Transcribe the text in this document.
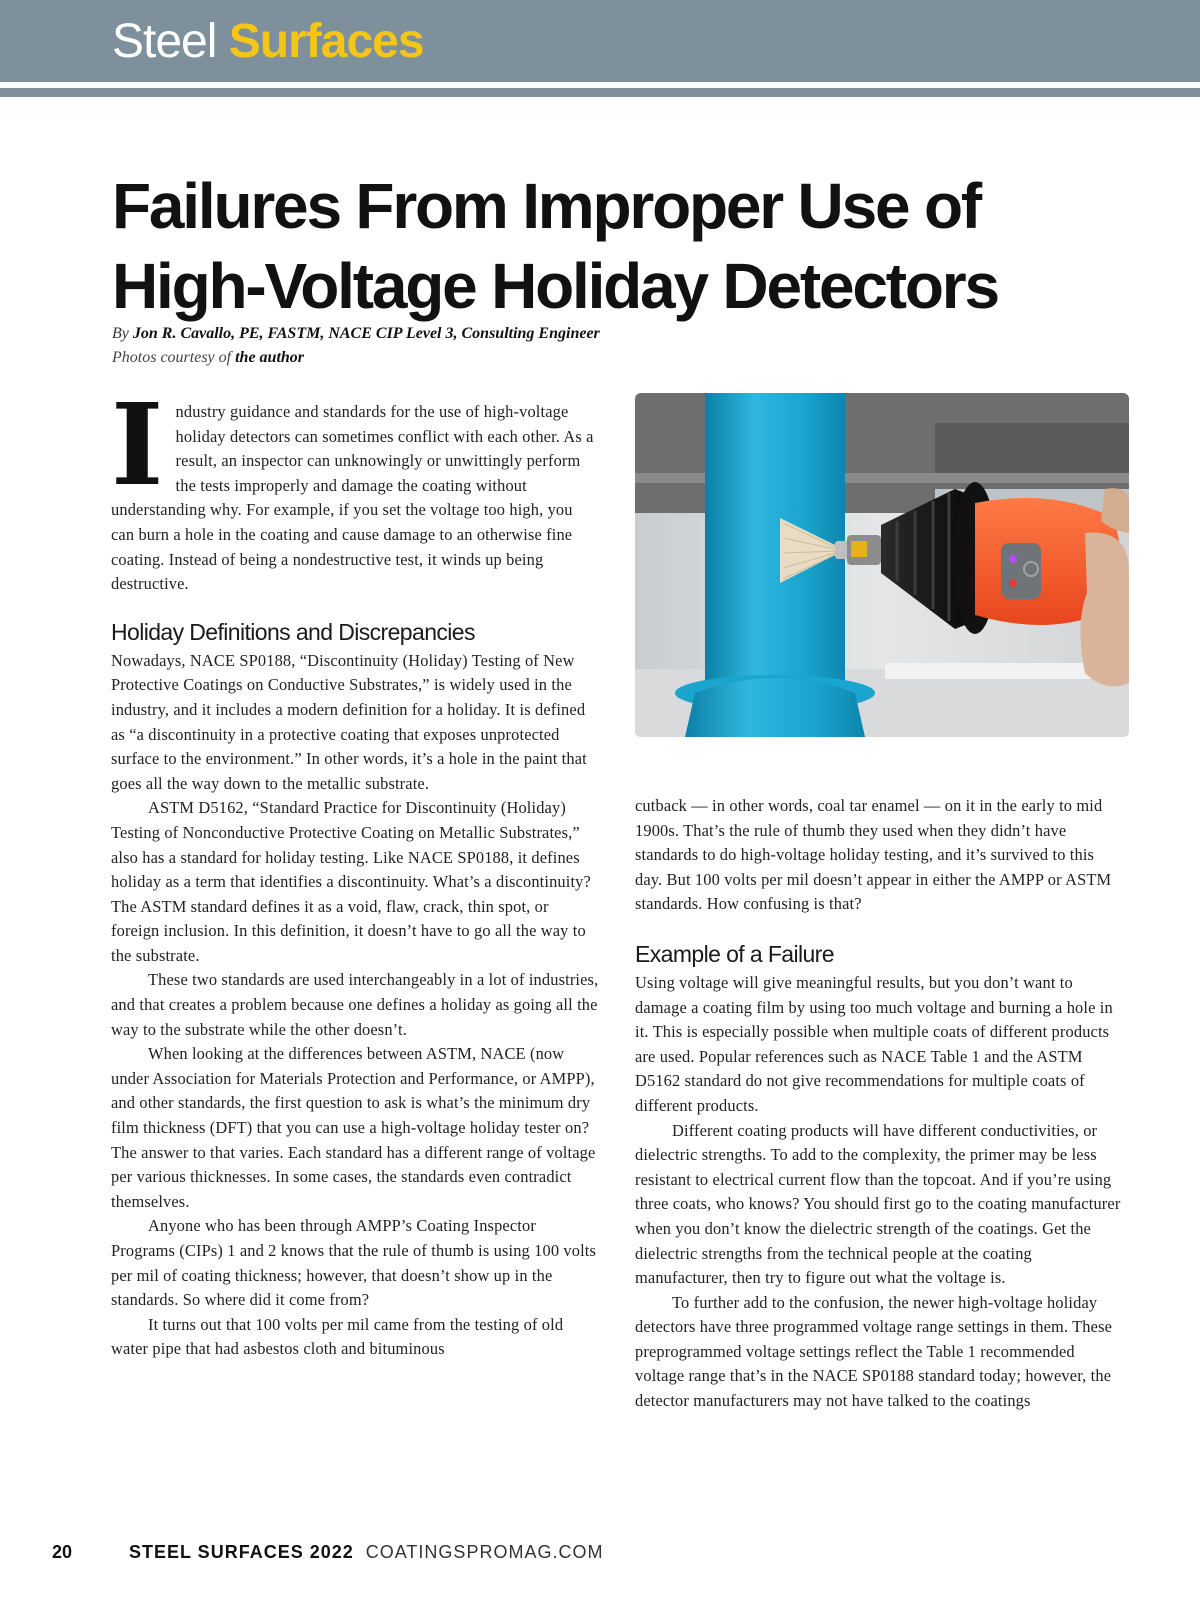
Steel Surfaces
Failures From Improper Use of
High-Voltage Holiday Detectors
By Jon R. Cavallo, PE, FASTM, NACE CIP Level 3, Consulting Engineer
Photos courtesy of the author

Industry guidance and standards for the use of high-voltage holiday detectors can sometimes conflict with each other. As a result, an inspector can unknowingly or unwittingly perform the tests improperly and damage the coating without understanding why. For example, if you set the voltage too high, you can burn a hole in the coating and cause damage to an otherwise fine coating. Instead of being a nondestructive test, it winds up being destructive.

Holiday Definitions and Discrepancies

Nowadays, NACE SP0188, “Discontinuity (Holiday) Testing of New Protective Coatings on Conductive Substrates,” is widely used in the industry, and it includes a modern definition for a holiday. It is defined as “a discontinuity in a protective coating that exposes unprotected surface to the environment.” In other words, it’s a hole in the paint that goes all the way down to the metallic substrate.

ASTM D5162, “Standard Practice for Discontinuity (Holiday) Testing of Nonconductive Protective Coating on Metallic Substrates,” also has a standard for holiday testing. Like NACE SP0188, it defines holiday as a term that identifies a discontinuity. What’s a discontinuity? The ASTM standard defines it as a void, flaw, crack, thin spot, or foreign inclusion. In this definition, it doesn’t have to go all the way to the substrate.

These two standards are used interchangeably in a lot of industries, and that creates a problem because one defines a holiday as going all the way to the substrate while the other doesn’t.

When looking at the differences between ASTM, NACE (now under Association for Materials Protection and Performance, or AMPP), and other standards, the first question to ask is what’s the minimum dry film thickness (DFT) that you can use a high-voltage holiday tester on? The answer to that varies. Each standard has a different range of voltage per various thicknesses. In some cases, the standards even contradict themselves.

Anyone who has been through AMPP’s Coating Inspector Programs (CIPs) 1 and 2 knows that the rule of thumb is using 100 volts per mil of coating thickness; however, that doesn’t show up in the standards. So where did it come from?

It turns out that 100 volts per mil came from the testing of old water pipe that had asbestos cloth and bituminous

cutback — in other words, coal tar enamel — on it in the early to mid 1900s. That’s the rule of thumb they used when they didn’t have standards to do high-voltage holiday testing, and it’s survived to this day. But 100 volts per mil doesn’t appear in either the AMPP or ASTM standards. How confusing is that?

Example of a Failure

Using voltage will give meaningful results, but you don’t want to damage a coating film by using too much voltage and burning a hole in it. This is especially possible when multiple coats of different products are used. Popular references such as NACE Table 1 and the ASTM D5162 standard do not give recommendations for multiple coats of different products.

Different coating products will have different conductivities, or dielectric strengths. To add to the complexity, the primer may be less resistant to electrical current flow than the topcoat. And if you’re using three coats, who knows? You should first go to the coating manufacturer when you don’t know the dielectric strength of the coatings. Get the dielectric strengths from the technical people at the coating manufacturer, then try to figure out what the voltage is.

To further add to the confusion, the newer high-voltage holiday detectors have three programmed voltage range settings in them. These preprogrammed voltage settings reflect the Table 1 recommended voltage range that’s in the NACE SP0188 standard today; however, the detector manufacturers may not have talked to the coatings

20	STEEL SURFACES 2022 COATINGSPROMAG.COM
